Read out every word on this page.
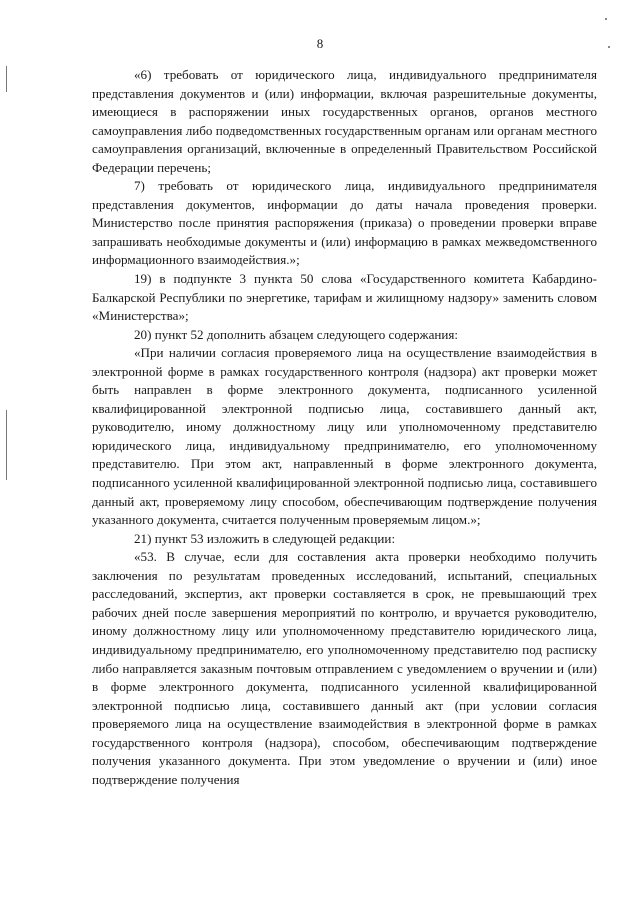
8

«6) требовать от юридического лица, индивидуального предпринимателя представления документов и (или) информации, включая разрешительные документы, имеющиеся в распоряжении иных государственных органов, органов местного самоуправления либо подведомственных государственным органам или органам местного самоуправления организаций, включенные в определенный Правительством Российской Федерации перечень;

7) требовать от юридического лица, индивидуального предпринимателя представления документов, информации до даты начала проведения проверки. Министерство после принятия распоряжения (приказа) о проведении проверки вправе запрашивать необходимые документы и (или) информацию в рамках межведомственного информационного взаимодействия.»;

19) в подпункте 3 пункта 50 слова «Государственного комитета Кабардино-Балкарской Республики по энергетике, тарифам и жилищному надзору» заменить словом «Министерства»;

20) пункт 52 дополнить абзацем следующего содержания:

«При наличии согласия проверяемого лица на осуществление взаимодействия в электронной форме в рамках государственного контроля (надзора) акт проверки может быть направлен в форме электронного документа, подписанного усиленной квалифицированной электронной подписью лица, составившего данный акт, руководителю, иному должностному лицу или уполномоченному представителю юридического лица, индивидуальному предпринимателю, его уполномоченному представителю. При этом акт, направленный в форме электронного документа, подписанного усиленной квалифицированной электронной подписью лица, составившего данный акт, проверяемому лицу способом, обеспечивающим подтверждение получения указанного документа, считается полученным проверяемым лицом.»;

21) пункт 53 изложить в следующей редакции:

«53. В случае, если для составления акта проверки необходимо получить заключения по результатам проведенных исследований, испытаний, специальных расследований, экспертиз, акт проверки составляется в срок, не превышающий трех рабочих дней после завершения мероприятий по контролю, и вручается руководителю, иному должностному лицу или уполномоченному представителю юридического лица, индивидуальному предпринимателю, его уполномоченному представителю под расписку либо направляется заказным почтовым отправлением с уведомлением о вручении и (или) в форме электронного документа, подписанного усиленной квалифицированной электронной подписью лица, составившего данный акт (при условии согласия проверяемого лица на осуществление взаимодействия в электронной форме в рамках государственного контроля (надзора), способом, обеспечивающим подтверждение получения указанного документа. При этом уведомление о вручении и (или) иное подтверждение получения
